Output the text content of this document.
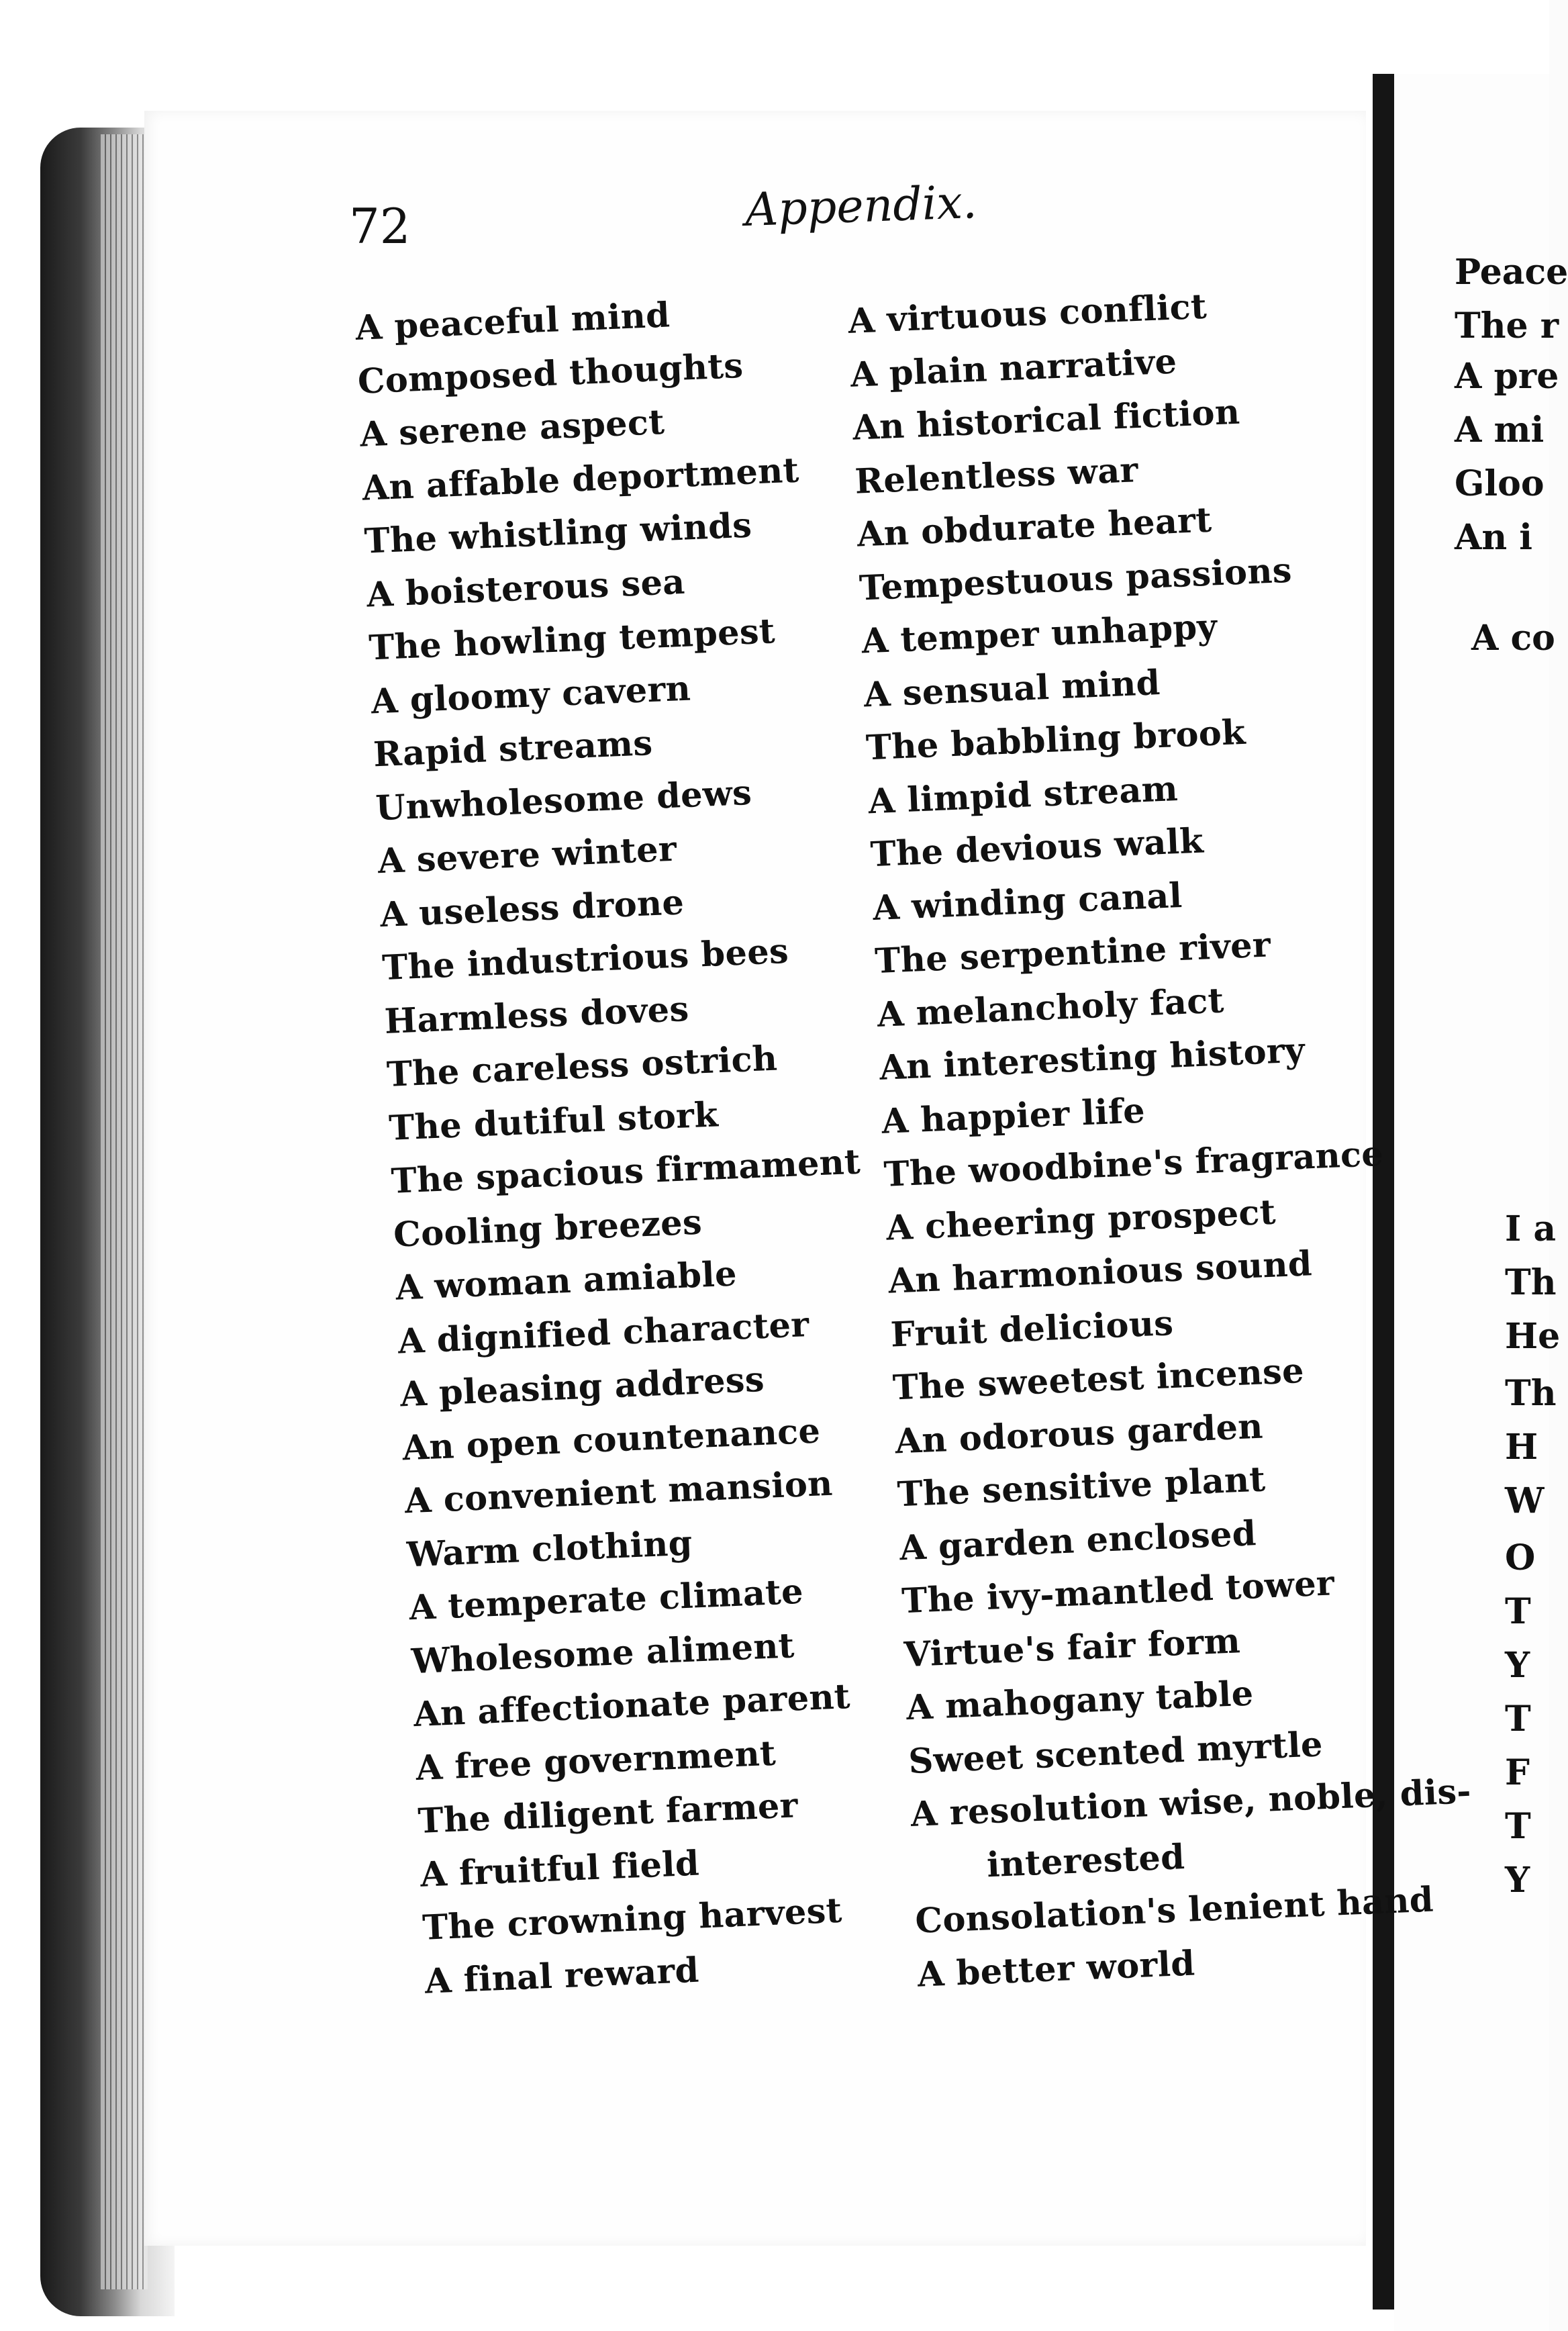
Peace
The r
A pre
A mi
Gloo
An i
A co
I a
Th
He
Th
H
W
O
T
Y
T
F
T
Y
72	Appendix.
A peaceful mind
Composed thoughts
A serene aspect
An affable deportment
The whistling winds
A boisterous sea
The howling tempest
A gloomy cavern
Rapid streams
Unwholesome dews
A severe winter
A useless drone
The industrious bees
Harmless doves
The careless ostrich
The dutiful stork
The spacious firmament
Cooling breezes
A woman amiable
A dignified character
A pleasing address
An open countenance
A convenient mansion
Warm clothing
A temperate climate
Wholesome aliment
An affectionate parent
A free government
The diligent farmer
A fruitful field
The crowning harvest
A final reward
A virtuous conflict
A plain narrative
An historical fiction
Relentless war
An obdurate heart
Tempestuous passions
A temper unhappy
A sensual mind
The babbling brook
A limpid stream
The devious walk
A winding canal
The serpentine river
A melancholy fact
An interesting history
A happier life
The woodbine's fragrance
A cheering prospect
An harmonious sound
Fruit delicious
The sweetest incense
An odorous garden
The sensitive plant
A garden enclosed
The ivy-mantled tower
Virtue's fair form
A mahogany table
Sweet scented myrtle
A resolution wise, noble, dis-
interested
Consolation's lenient hand
A better world
